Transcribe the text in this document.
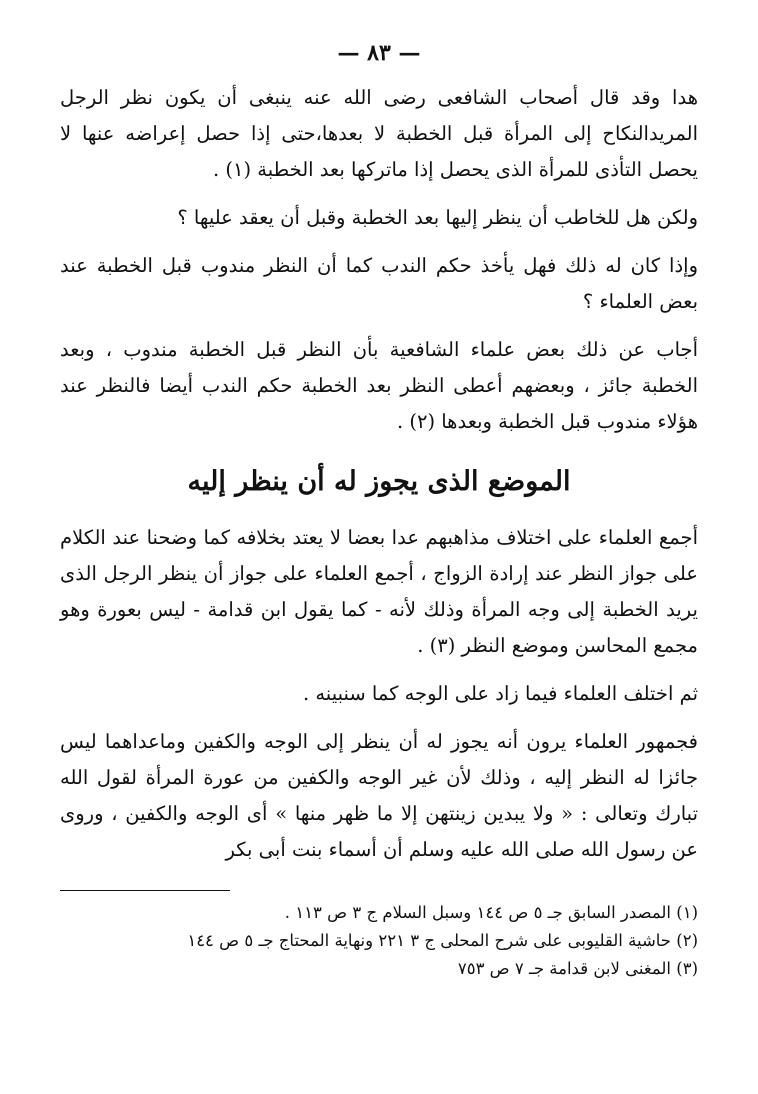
— ٨٣ —

هدا وقد قال أصحاب الشافعى رضى الله عنه ينبغى أن يكون نظر الرجل المريدالنكاح إلى المرأة قبل الخطبة لا بعدها،حتى إذا حصل إعراضه عنها لا يحصل التأذى للمرأة الذى يحصل إذا ماتركها بعد الخطبة (١) .

ولكن هل للخاطب أن ينظر إليها بعد الخطبة وقبل أن يعقد عليها ؟

وإذا كان له ذلك فهل يأخذ حكم الندب كما أن النظر مندوب قبل الخطبة عند بعض العلماء ؟

أجاب عن ذلك بعض علماء الشافعية بأن النظر قبل الخطبة مندوب ، وبعد الخطبة جائز ، وبعضهم أعطى النظر بعد الخطبة حكم الندب أيضا فالنظر عند هؤلاء مندوب قبل الخطبة وبعدها (٢) .

الموضع الذى يجوز له أن ينظر إليه

أجمع العلماء على اختلاف مذاهبهم عدا بعضا لا يعتد بخلافه كما وضحنا عند الكلام على جواز النظر عند إرادة الزواج ، أجمع العلماء على جواز أن ينظر الرجل الذى يريد الخطبة إلى وجه المرأة وذلك لأنه - كما يقول ابن قدامة - ليس بعورة وهو مجمع المحاسن وموضع النظر (٣) .

ثم اختلف العلماء فيما زاد على الوجه كما سنبينه .

فجمهور العلماء يرون أنه يجوز له أن ينظر إلى الوجه والكفين وماعداهما ليس جائزا له النظر إليه ، وذلك لأن غير الوجه والكفين من عورة المرأة لقول الله تبارك وتعالى : « ولا يبدين زينتهن إلا ما ظهر منها » أى الوجه والكفين ، وروى عن رسول الله صلى الله عليه وسلم أن أسماء بنت أبى بكر

(١) المصدر السابق جـ ٥ ص ١٤٤ وسبل السلام ج ٣ ص ١١٣ .
(٢) حاشية القليوبى على شرح المحلى ج ٣ ٢٢١ ونهاية المحتاج جـ ٥ ص ١٤٤
(٣) المغنى لابن قدامة جـ ٧ ص ٧٥٣
